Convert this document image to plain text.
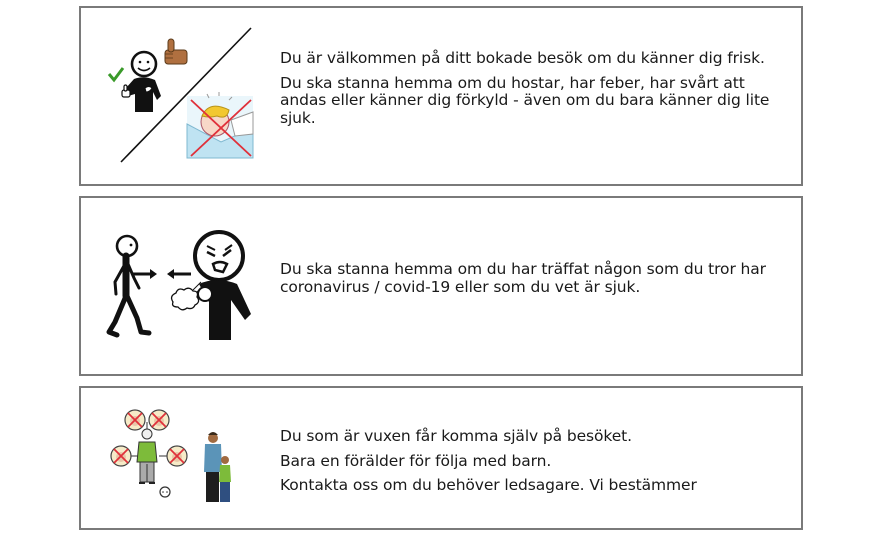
Du är välkommen på ditt bokade besök om du känner dig frisk.

Du ska stanna hemma om du hostar, har feber, har svårt att andas eller känner dig förkyld - även om du bara känner dig lite sjuk.

Du ska stanna hemma om du har träffat någon som du tror har coronavirus / covid-19 eller som du vet är sjuk.

Du som är vuxen får komma själv på besöket.

Bara en förälder för följa med barn.

Kontakta oss om du behöver ledsagare. Vi bestämmer
